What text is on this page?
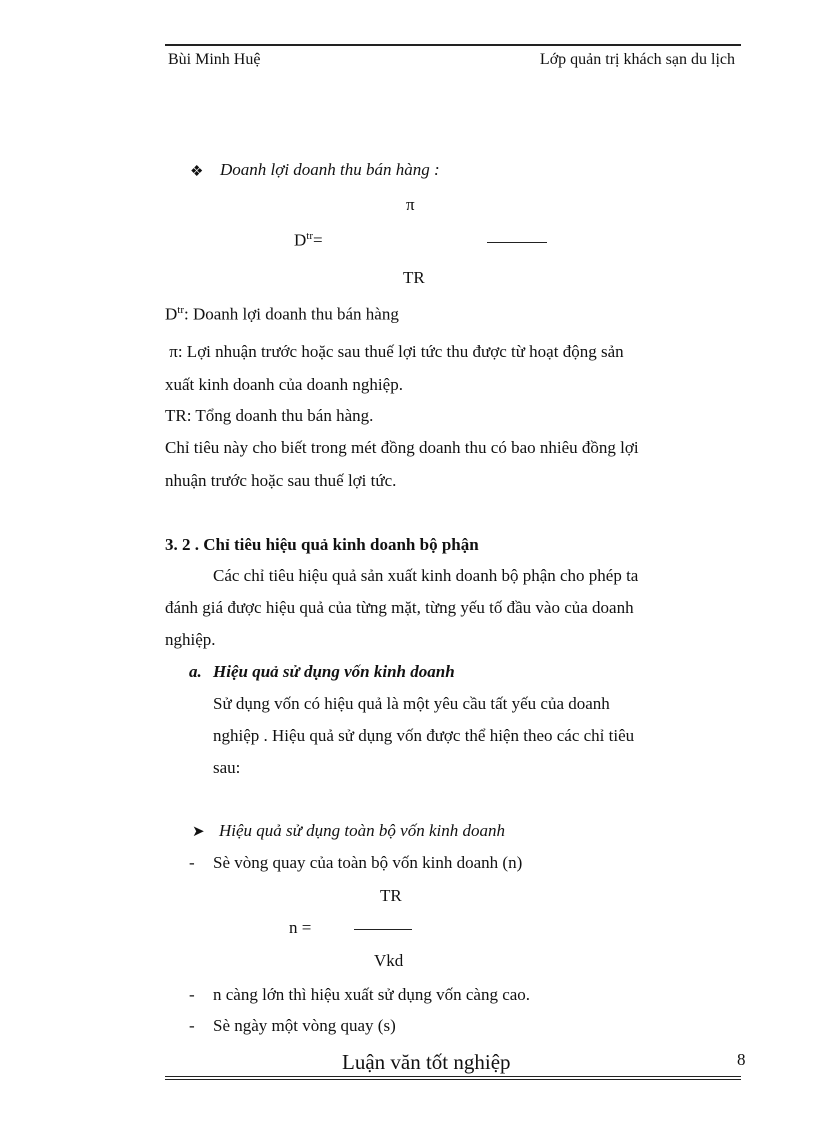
Bùi Minh Huệ	Lớp quản trị khách sạn du lịch
❖ Doanh lợi doanh thu bán hàng :
π
$D^{tr}=$
TR
$D^{tr}$: Doanh lợi doanh thu bán hàng
π: Lợi nhuận trước hoặc sau thuế lợi tức thu được từ hoạt động sản
xuất kinh doanh của doanh nghiệp.
TR: Tổng doanh thu bán hàng.
Chỉ tiêu này cho biết trong mét đồng doanh thu có bao nhiêu đồng lợi
nhuận trước hoặc sau thuế lợi tức.
3. 2 . Chỉ tiêu hiệu quả kinh doanh bộ phận
Các chỉ tiêu hiệu quả sản xuất kinh doanh bộ phận cho phép ta
đánh giá được hiệu quả của từng mặt, từng yếu tố đầu vào của doanh
nghiệp.
a. Hiệu quả sử dụng vốn kinh doanh
Sử dụng vốn có hiệu quả là một yêu cầu tất yếu của doanh
nghiệp . Hiệu quả sử dụng vốn được thể hiện theo các chỉ tiêu
sau:
➤ Hiệu quả sử dụng toàn bộ vốn kinh doanh
- Sè vòng quay của toàn bộ vốn kinh doanh (n)
TR
n =
Vkd
- n càng lớn thì hiệu xuất sử dụng vốn càng cao.
- Sè ngày một vòng quay (s)
Luận văn tốt nghiệp	8
